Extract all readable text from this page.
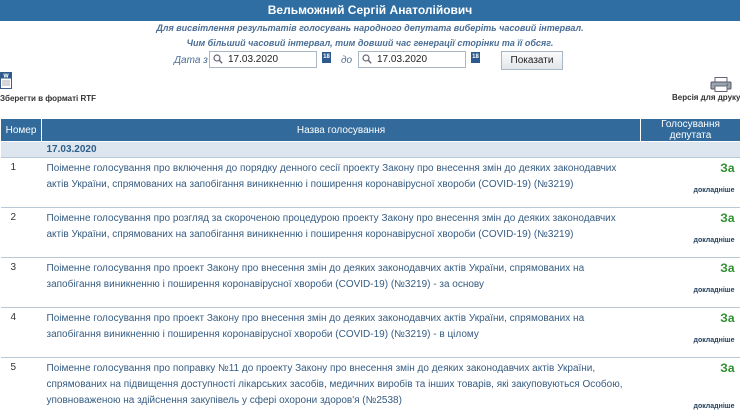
Вельможний Сергій Анатолійович
Для висвітлення результатів голосувань народного депутата виберіть часовий інтервал.
Чим більший часовий інтервал, тим довший час генерації сторінки та її обсяг.
Дата з	17.03.2020	18 до	17.03.2020	18	Показати
W
Зберегти в форматі RTF	Версія для друку
Номер	Назва голосування	Голосування депутата
17.03.2020		
1	Поіменне голосування про включення до порядку денного сесії проекту Закону про внесення змін до деяких законодавчих актів України, спрямованих на запобігання виникненню і поширення коронавірусної хвороби (COVID-19) (№3219)	За
докладніше

2	Поіменне голосування про розгляд за скороченою процедурою проекту Закону про внесення змін до деяких законодавчих актів України, спрямованих на запобігання виникненню і поширення коронавірусної хвороби (COVID-19) (№3219)	За
докладніше

3	Поіменне голосування про проект Закону про внесення змін до деяких законодавчих актів України, спрямованих на запобігання виникненню і поширення коронавірусної хвороби (COVID-19) (№3219) - за основу	За
докладніше

4	Поіменне голосування про проект Закону про внесення змін до деяких законодавчих актів України, спрямованих на запобігання виникненню і поширення коронавірусної хвороби (COVID-19) (№3219) - в цілому	За
докладніше

5	Поіменне голосування про поправку №11 до проекту Закону про внесення змін до деяких законодавчих актів України, спрямованих на підвищення доступності лікарських засобів, медичних виробів та інших товарів, які закуповуються Особою, уповноваженою на здійснення закупівель у сфері охорони здоров'я (№2538)	За
докладніше
